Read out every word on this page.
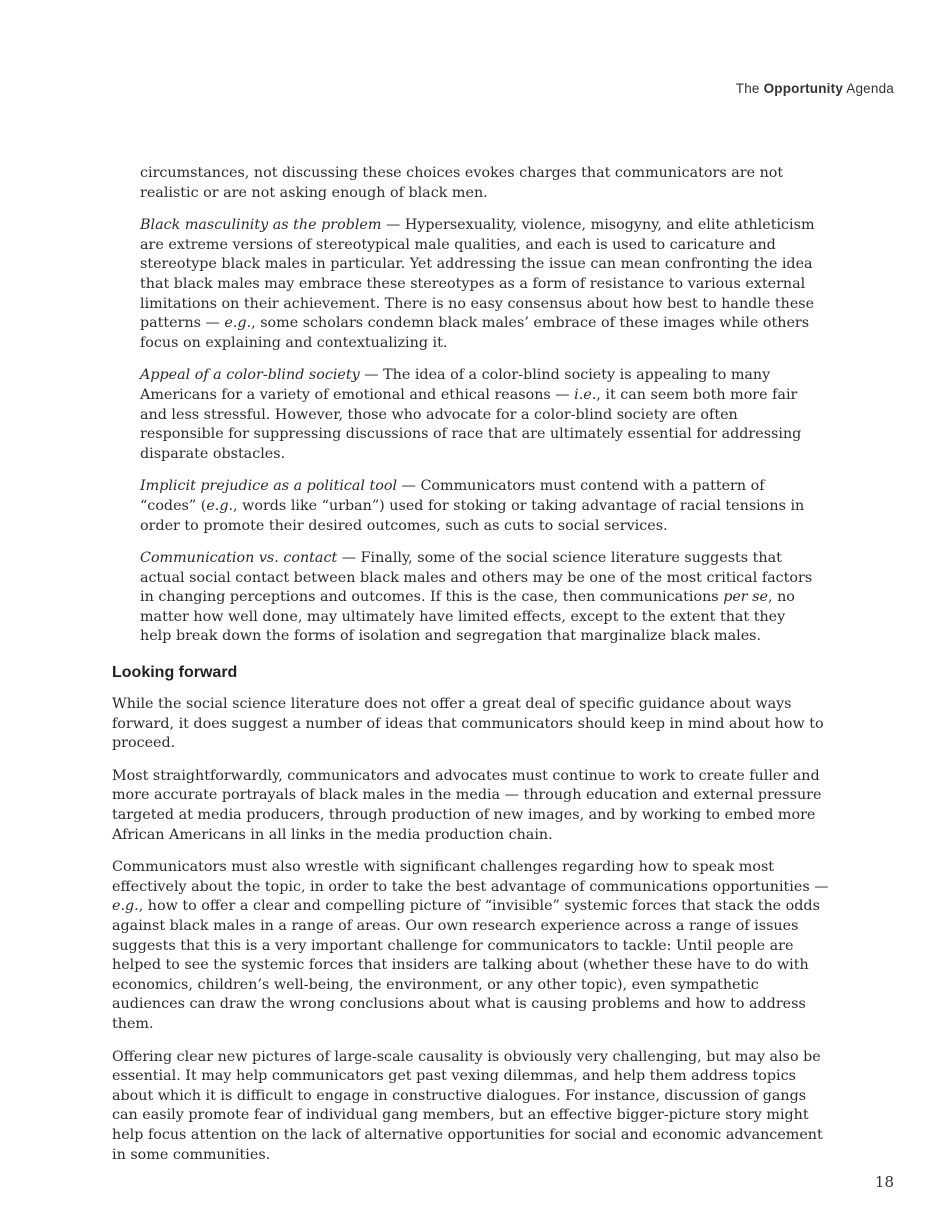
The Opportunity Agenda

circumstances, not discussing these choices evokes charges that communicators are not realistic or are not asking enough of black men.

Black masculinity as the problem — Hypersexuality, violence, misogyny, and elite athleticism are extreme versions of stereotypical male qualities, and each is used to caricature and stereotype black males in particular. Yet addressing the issue can mean confronting the idea that black males may embrace these stereotypes as a form of resistance to various external limitations on their achievement. There is no easy consensus about how best to handle these patterns — e.g., some scholars condemn black males’ embrace of these images while others focus on explaining and contextualizing it.

Appeal of a color-blind society — The idea of a color-blind society is appealing to many Americans for a variety of emotional and ethical reasons — i.e., it can seem both more fair and less stressful. However, those who advocate for a color-blind society are often responsible for suppressing discussions of race that are ultimately essential for addressing disparate obstacles.

Implicit prejudice as a political tool — Communicators must contend with a pattern of “codes” (e.g., words like “urban”) used for stoking or taking advantage of racial tensions in order to promote their desired outcomes, such as cuts to social services.

Communication vs. contact — Finally, some of the social science literature suggests that actual social contact between black males and others may be one of the most critical factors in changing perceptions and outcomes. If this is the case, then communications per se, no matter how well done, may ultimately have limited effects, except to the extent that they help break down the forms of isolation and segregation that marginalize black males.

Looking forward

While the social science literature does not offer a great deal of specific guidance about ways forward, it does suggest a number of ideas that communicators should keep in mind about how to proceed.

Most straightforwardly, communicators and advocates must continue to work to create fuller and more accurate portrayals of black males in the media — through education and external pressure targeted at media producers, through production of new images, and by working to embed more African Americans in all links in the media production chain.

Communicators must also wrestle with significant challenges regarding how to speak most effectively about the topic, in order to take the best advantage of communications opportunities — e.g., how to offer a clear and compelling picture of “invisible” systemic forces that stack the odds against black males in a range of areas. Our own research experience across a range of issues suggests that this is a very important challenge for communicators to tackle: Until people are helped to see the systemic forces that insiders are talking about (whether these have to do with economics, children’s well-being, the environment, or any other topic), even sympathetic audiences can draw the wrong conclusions about what is causing problems and how to address them.

Offering clear new pictures of large-scale causality is obviously very challenging, but may also be essential. It may help communicators get past vexing dilemmas, and help them address topics about which it is difficult to engage in constructive dialogues. For instance, discussion of gangs can easily promote fear of individual gang members, but an effective bigger-picture story might help focus attention on the lack of alternative opportunities for social and economic advancement in some communities.

18
